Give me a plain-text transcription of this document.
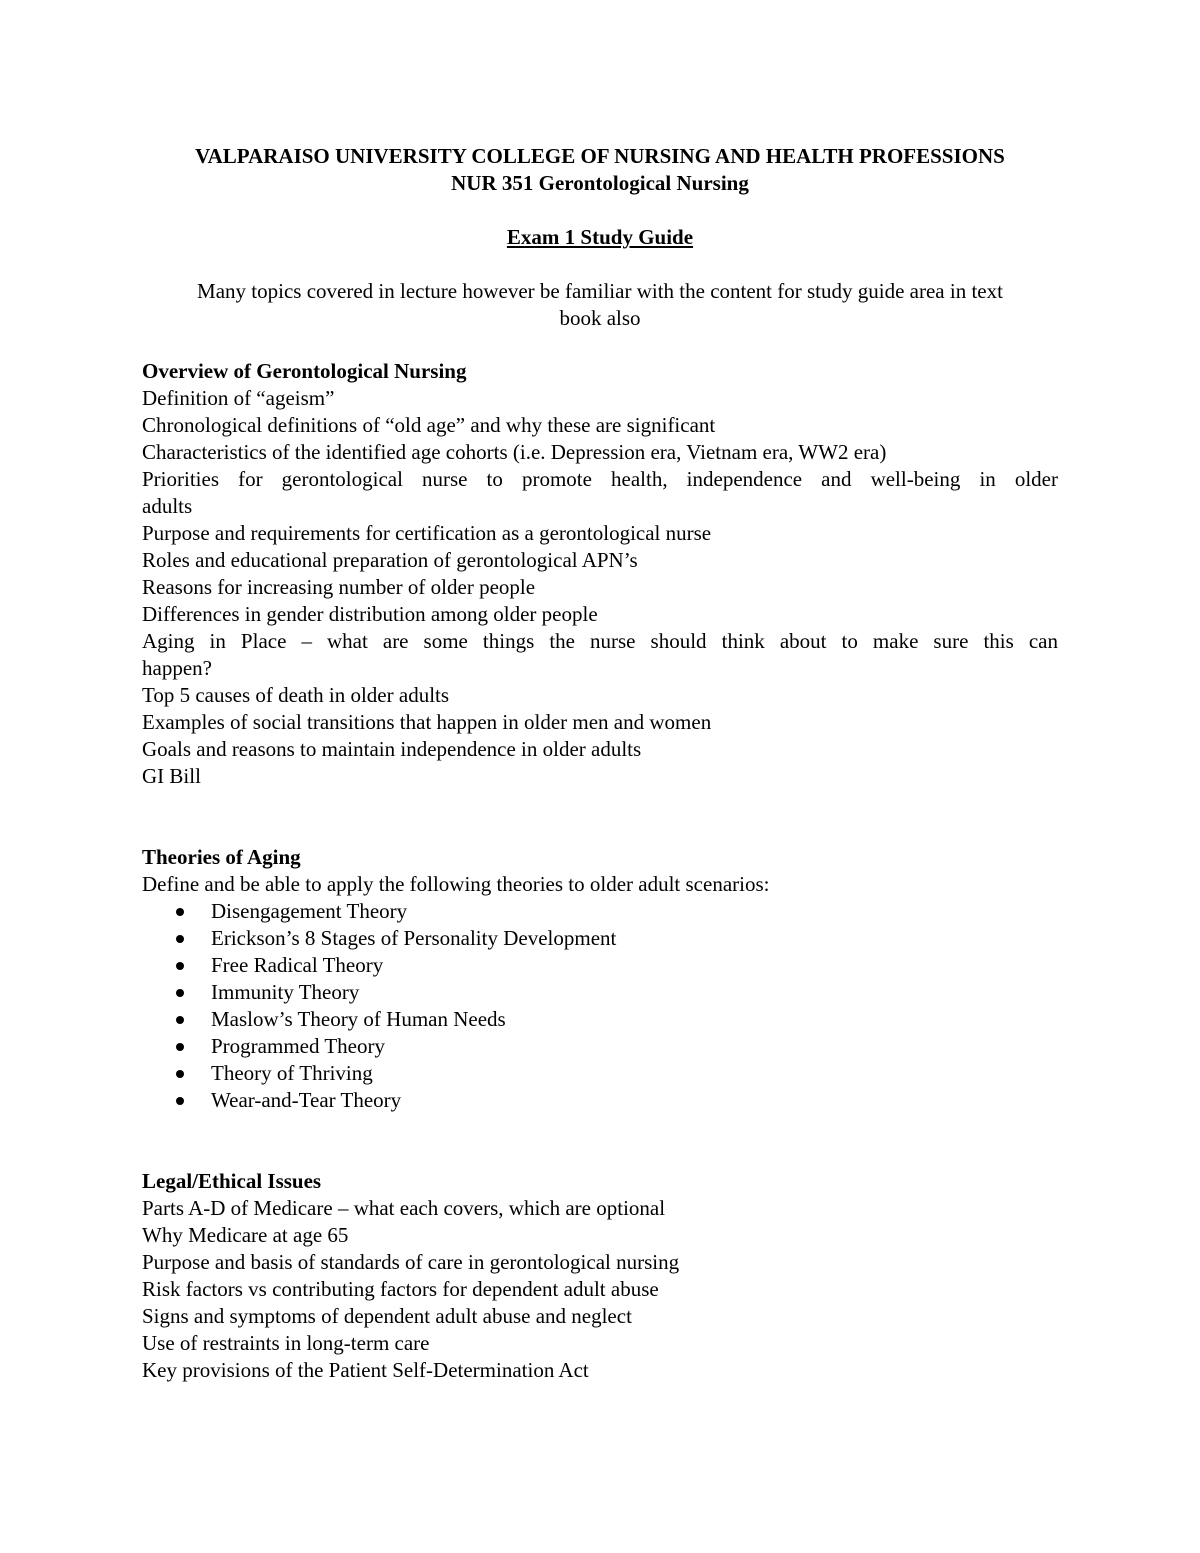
VALPARAISO UNIVERSITY COLLEGE OF NURSING AND HEALTH PROFESSIONS
NUR 351 Gerontological Nursing
Exam 1 Study Guide
Many topics covered in lecture however be familiar with the content for study guide area in text
book also
Overview of Gerontological Nursing
Definition of “ageism”
Chronological definitions of “old age” and why these are significant
Characteristics of the identified age cohorts (i.e. Depression era, Vietnam era, WW2 era)
Priorities for gerontological nurse to promote health, independence and well-being in older
adults
Purpose and requirements for certification as a gerontological nurse
Roles and educational preparation of gerontological APN’s
Reasons for increasing number of older people
Differences in gender distribution among older people
Aging in Place – what are some things the nurse should think about to make sure this can
happen?
Top 5 causes of death in older adults
Examples of social transitions that happen in older men and women
Goals and reasons to maintain independence in older adults
GI Bill
Theories of Aging
Define and be able to apply the following theories to older adult scenarios:
Disengagement Theory
Erickson’s 8 Stages of Personality Development
Free Radical Theory
Immunity Theory
Maslow’s Theory of Human Needs
Programmed Theory
Theory of Thriving
Wear-and-Tear Theory
Legal/Ethical Issues
Parts A-D of Medicare – what each covers, which are optional
Why Medicare at age 65
Purpose and basis of standards of care in gerontological nursing
Risk factors vs contributing factors for dependent adult abuse
Signs and symptoms of dependent adult abuse and neglect
Use of restraints in long-term care
Key provisions of the Patient Self-Determination Act
